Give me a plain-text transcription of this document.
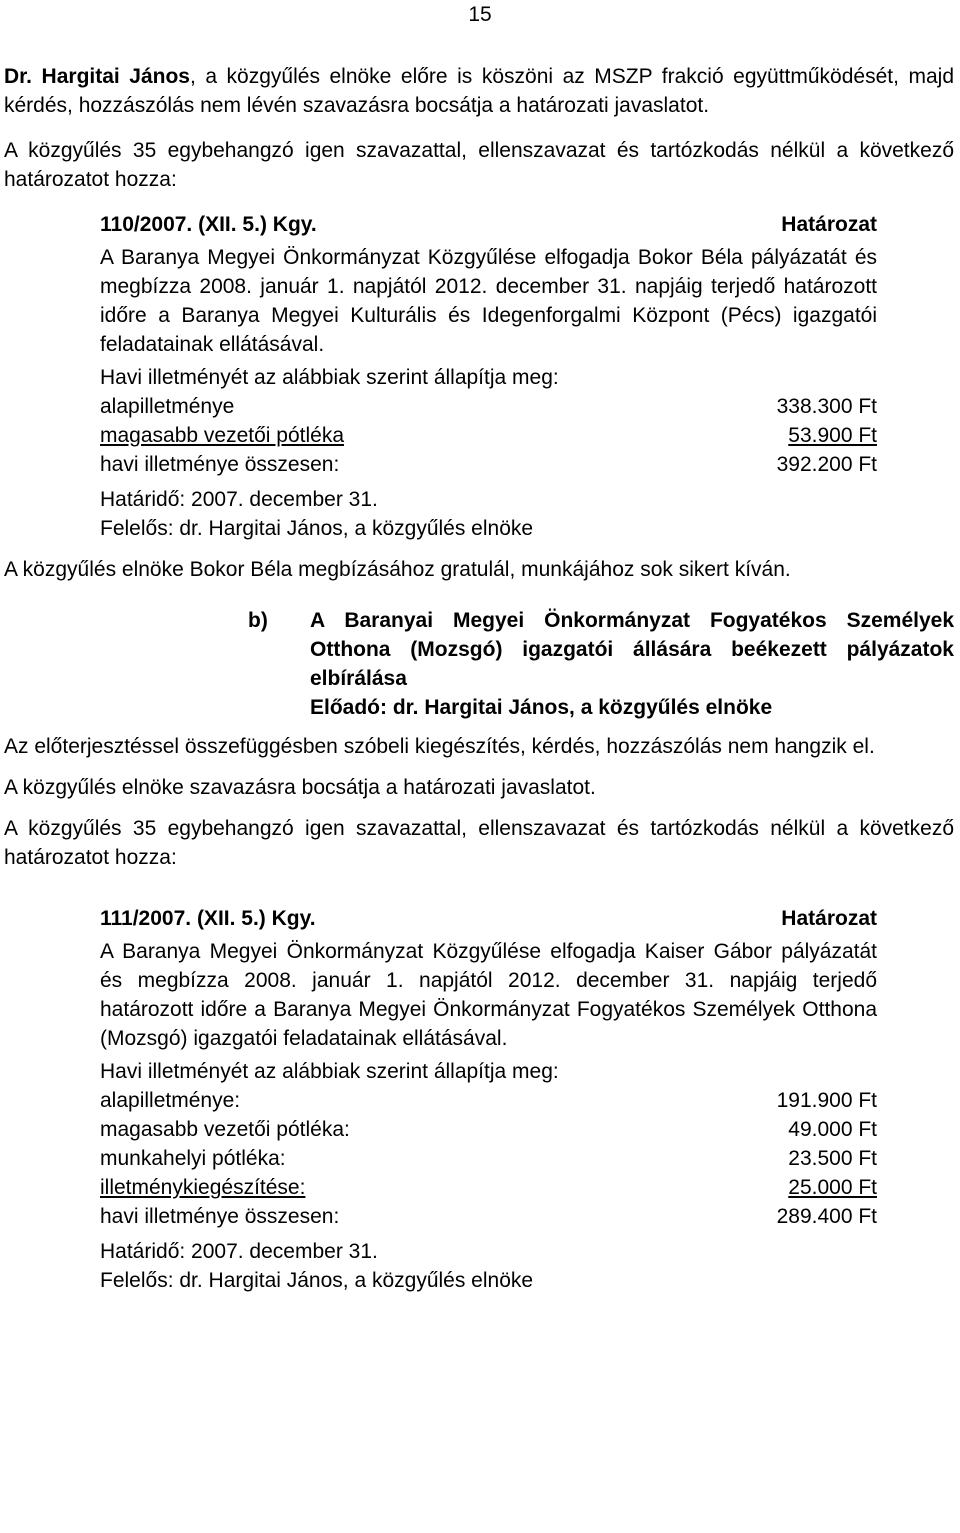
15

Dr. Hargitai János, a közgyűlés elnöke előre is köszöni az MSZP frakció együttműködését, majd kérdés, hozzászólás nem lévén szavazásra bocsátja a határozati javaslatot.

A közgyűlés 35 egybehangzó igen szavazattal, ellenszavazat és tartózkodás nélkül a következő határozatot hozza:

110/2007. (XII. 5.) Kgy.	Határozat

A Baranya Megyei Önkormányzat Közgyűlése elfogadja Bokor Béla pályázatát és megbízza 2008. január 1. napjától 2012. december 31. napjáig terjedő határozott időre a Baranya Megyei Kulturális és Idegenforgalmi Központ (Pécs) igazgatói feladatainak ellátásával.

Havi illetményét az alábbiak szerint állapítja meg:

alapilletménye	338.300 Ft
magasabb vezetői pótléka	53.900 Ft
havi illetménye összesen:	392.200 Ft

Határidő: 2007. december 31.

Felelős: dr. Hargitai János, a közgyűlés elnöke

A közgyűlés elnöke Bokor Béla megbízásához gratulál, munkájához sok sikert kíván.

b)	A Baranyai Megyei Önkormányzat Fogyatékos Személyek Otthona (Mozsgó) igazgatói állására beékezett pályázatok elbírálása

Előadó: dr. Hargitai János, a közgyűlés elnöke

Az előterjesztéssel összefüggésben szóbeli kiegészítés, kérdés, hozzászólás nem hangzik el.

A közgyűlés elnöke szavazásra bocsátja a határozati javaslatot.

A közgyűlés 35 egybehangzó igen szavazattal, ellenszavazat és tartózkodás nélkül a következő határozatot hozza:

111/2007. (XII. 5.) Kgy.	Határozat

A Baranya Megyei Önkormányzat Közgyűlése elfogadja Kaiser Gábor pályázatát és megbízza 2008. január 1. napjától 2012. december 31. napjáig terjedő határozott időre a Baranya Megyei Önkormányzat Fogyatékos Személyek Otthona (Mozsgó) igazgatói feladatainak ellátásával.

Havi illetményét az alábbiak szerint állapítja meg:

alapilletménye:	191.900 Ft
magasabb vezetői pótléka:	49.000 Ft
munkahelyi pótléka:	23.500 Ft
illetménykiegészítése:	25.000 Ft
havi illetménye összesen:	289.400 Ft

Határidő: 2007. december 31.

Felelős: dr. Hargitai János, a közgyűlés elnöke
